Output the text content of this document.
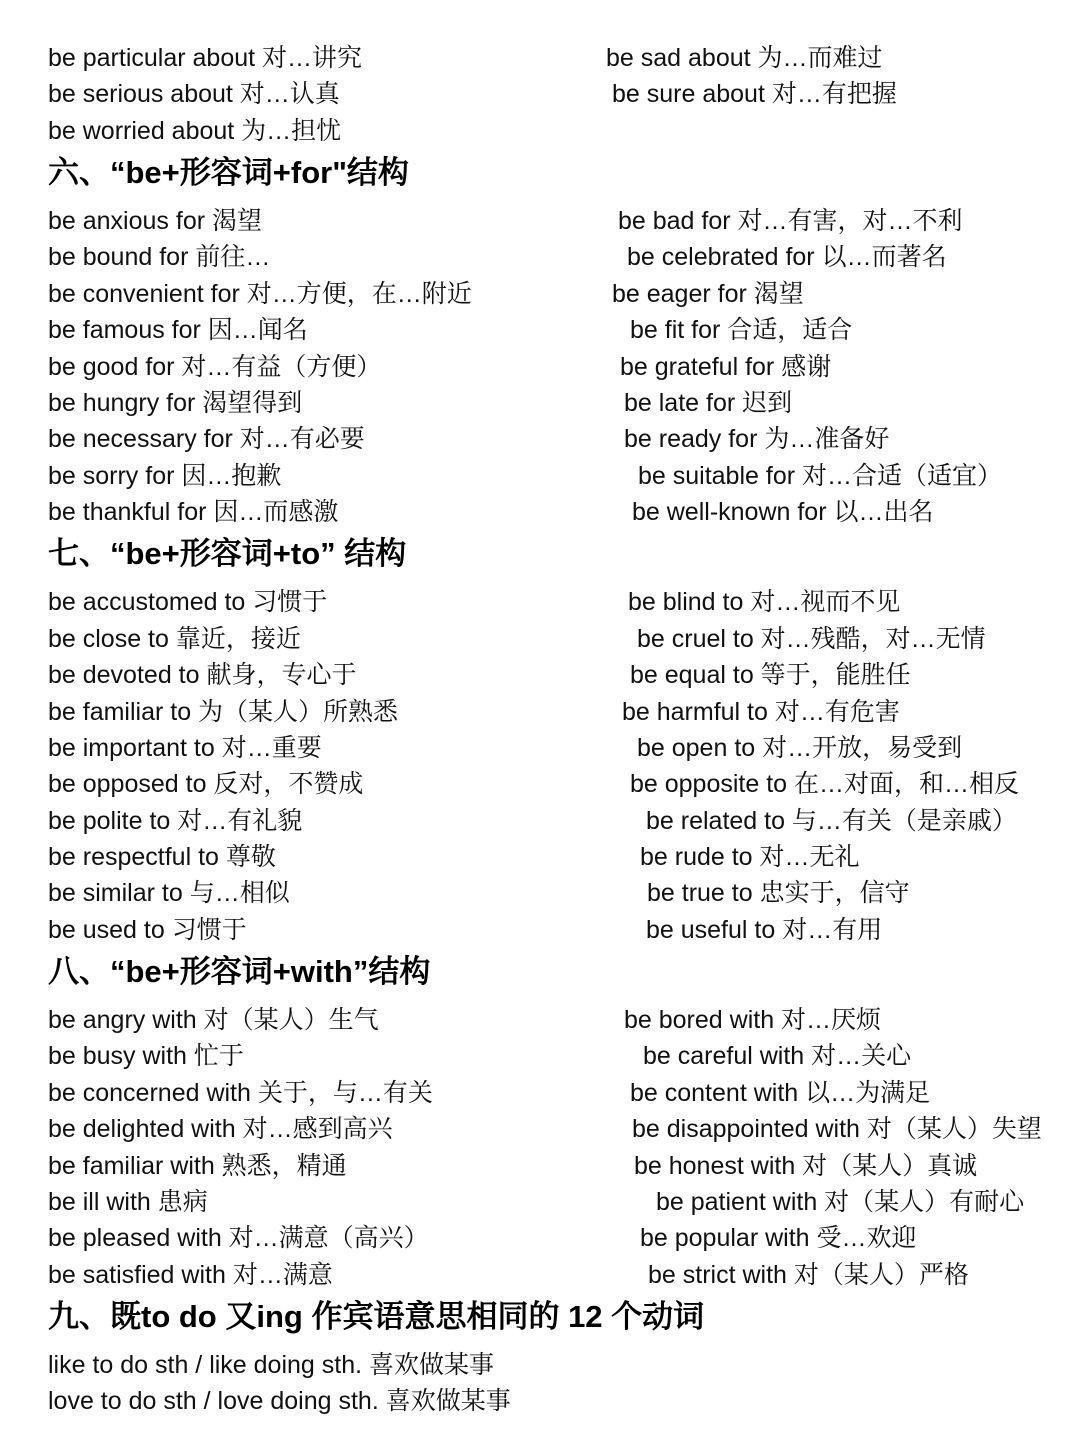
be particular about 对…讲究	be sad about 为…而难过
be serious about 对…认真	be sure about 对…有把握
be worried about 为…担忧
六、“be+形容词+for"结构
be anxious for 渴望	be bad for 对…有害，对…不利
be bound for 前往…	be celebrated for 以…而著名
be convenient for 对…方便，在…附近	be eager for 渴望
be famous for 因…闻名	be fit for 合适，适合
be good for 对…有益（方便）	be grateful for 感谢
be hungry for 渴望得到	be late for 迟到
be necessary for 对…有必要	be ready for 为…准备好
be sorry for 因…抱歉	be suitable for 对…合适（适宜）
be thankful for 因…而感激	be well-known for 以…出名
七、“be+形容词+to” 结构
be accustomed to 习惯于	be blind to 对…视而不见
be close to 靠近，接近	be cruel to 对…残酷，对…无情
be devoted to 献身，专心于	be equal to 等于，能胜任
be familiar to 为（某人）所熟悉	be harmful to 对…有危害
be important to 对…重要	be open to 对…开放，易受到
be opposed to 反对，不赞成	be opposite to 在…对面，和…相反
be polite to 对…有礼貌	be related to 与…有关（是亲戚）
be respectful to 尊敬	be rude to 对…无礼
be similar to 与…相似	be true to 忠实于，信守
be used to 习惯于	be useful to 对…有用
八、“be+形容词+with”结构
be angry with 对（某人）生气	be bored with 对…厌烦
be busy with 忙于	be careful with 对…关心
be concerned with 关于，与…有关	be content with 以…为满足
be delighted with 对…感到高兴	be disappointed with 对（某人）失望
be familiar with 熟悉，精通	be honest with 对（某人）真诚
be ill with 患病	be patient with 对（某人）有耐心
be pleased with 对…满意（高兴）	be popular with 受…欢迎
be satisfied with 对…满意	be strict with 对（某人）严格
九、既to do 又ing 作宾语意思相同的 12 个动词
like to do sth / like doing sth. 喜欢做某事
love to do sth / love doing sth. 喜欢做某事
